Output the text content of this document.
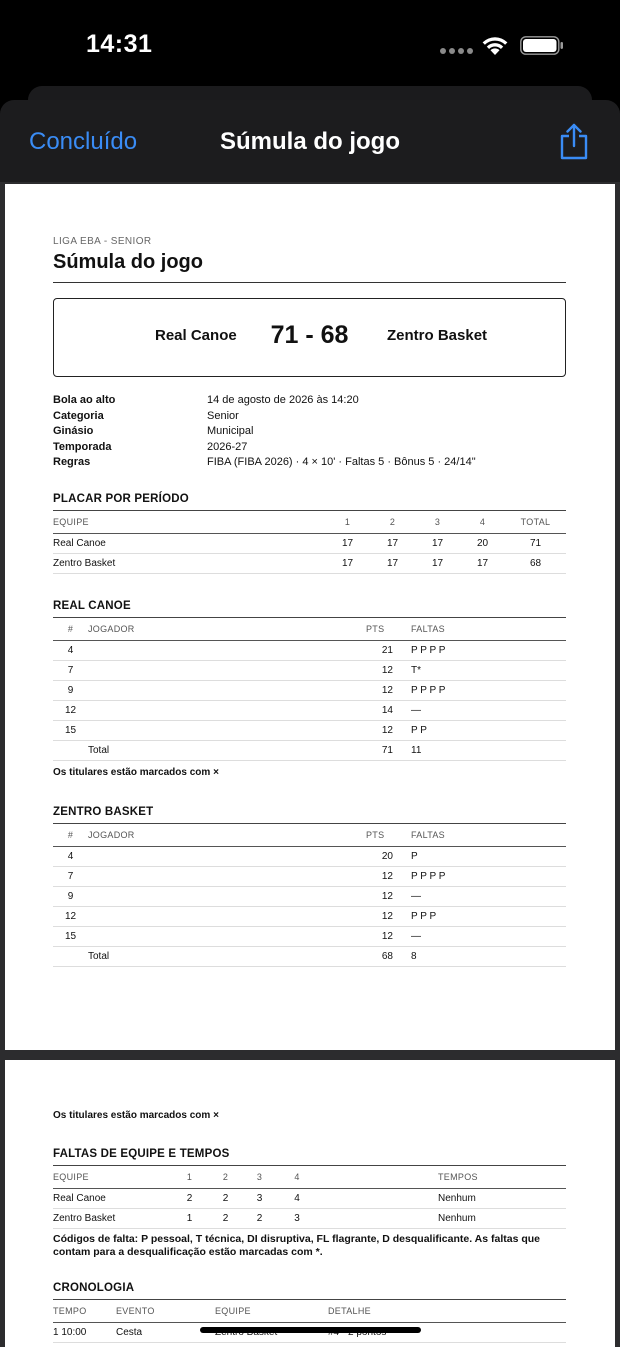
14:31
Concluído	Súmula do jogo
LIGA EBA - SENIOR
Súmula do jogo
Real Canoe	71 - 68	Zentro Basket
Bola ao alto	14 de agosto de 2026 às 14:20
Categoria	Senior
Ginásio	Municipal
Temporada	2026-27
Regras	FIBA (FIBA 2026) · 4 × 10' · Faltas 5 · Bônus 5 · 24/14"
PLACAR POR PERÍODO
EQUIPE	1	2	3	4	TOTAL
Real Canoe	17	17	17	20	71
Zentro Basket	17	17	17	17	68
REAL CANOE
#	JOGADOR	PTS	FALTAS
4		21	P P P P
7		12	T*
9		12	P P P P
12		14	—
15		12	P P
	Total	71	11
Os titulares estão marcados com ×
ZENTRO BASKET
#	JOGADOR	PTS	FALTAS
4		20	P
7		12	P P P P
9		12	—
12		12	P P P
15		12	—
	Total	68	8
Os titulares estão marcados com ×
FALTAS DE EQUIPE E TEMPOS
EQUIPE	1	2	3	4	TEMPOS
Real Canoe	2	2	3	4	Nenhum
Zentro Basket	1	2	2	3	Nenhum
Códigos de falta: P pessoal, T técnica, DI disruptiva, FL flagrante, D desqualificante. As faltas que contam para a desqualificação estão marcadas com *.
CRONOLOGIA
TEMPO	EVENTO	EQUIPE	DETALHE
1 10:00	Cesta		
